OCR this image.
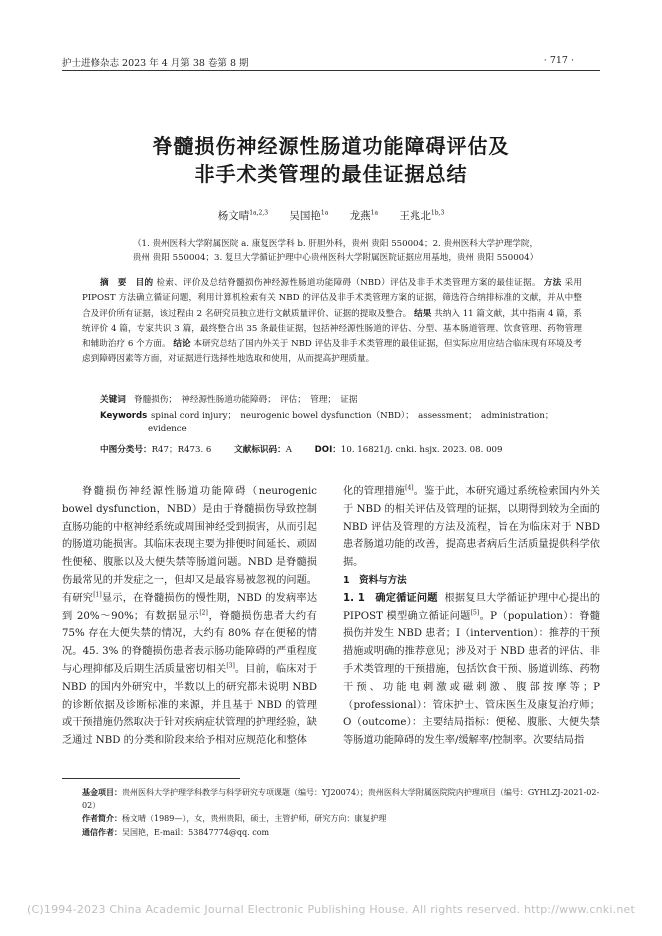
护士进修杂志 2023 年 4 月第 38 卷第 8 期	· 717 ·
脊髓损伤神经源性肠道功能障碍评估及
非手术类管理的最佳证据总结
杨文晴$^{1a,2,3}$ 吴国艳$^{1a}$ 龙燕$^{1a}$ 王兆北$^{1b,3}$
（1. 贵州医科大学附属医院 a. 康复医学科 b. 肝胆外科，贵州 贵阳 550004；2. 贵州医科大学护理学院，
贵州 贵阳 550004；3. 复旦大学循证护理中心贵州医科大学附属医院证据应用基地，贵州 贵阳 550004）
摘　要 目的 检索、评价及总结脊髓损伤神经源性肠道功能障碍（NBD）评估及非手术类管理方案的最佳证据。 方法 采用 PIPOST 方法确立循证问题，利用计算机检索有关 NBD 的评估及非手术类管理方案的证据，筛选符合纳排标准的文献，并从中整合及评价所有证据，该过程由 2 名研究员独立进行文献质量评价、证据的提取及整合。 结果 共纳入 11 篇文献，其中指南 4 篇，系统评价 4 篇，专家共识 3 篇，最终整合出 35 条最佳证据，包括神经源性肠道的评估、分型、基本肠道管理、饮食管理、药物管理和辅助治疗 6 个方面。 结论 本研究总结了国内外关于 NBD 评估及非手术类管理的最佳证据，但实际应用应结合临床现有环境及考虑到障碍因素等方面，对证据进行选择性地选取和使用，从而提高护理质量。
关键词 脊髓损伤；　神经源性肠道功能障碍；　评估；　管理；　证据
Keywords spinal cord injury；　neurogenic bowel dysfunction（NBD）；　assessment；　administration；
evidence
中图分类号：R47；R473. 6	文献标识码：A	DOI：10. 16821/j. cnki. hsjx. 2023. 08. 009

脊髓损伤神经源性肠道功能障碍（neurogenic bowel dysfunction，NBD）是由于脊髓损伤导致控制直肠功能的中枢神经系统或周围神经受到损害，从而引起的肠道功能损害。其临床表现主要为排便时间延长、顽固性便秘、腹胀以及大便失禁等肠道问题。NBD 是脊髓损伤最常见的并发症之一，但却又是最容易被忽视的问题。有研究[1]显示，在脊髓损伤的慢性期，NBD 的发病率达到 20%～90%；有数据显示[2]，脊髓损伤患者大约有 75% 存在大便失禁的情况，大约有 80% 存在便秘的情况。45. 3% 的脊髓损伤患者表示肠功能障碍的严重程度与心理抑郁及后期生活质量密切相关[3]。目前，临床对于 NBD 的国内外研究中，半数以上的研究都未说明 NBD 的诊断依据及诊断标准的来源，并且基于 NBD 的管理或干预措施仍然取决于针对疾病症状管理的护理经验，缺乏通过 NBD 的分类和阶段来给予相对应规范化和整体

化的管理措施[4]。鉴于此，本研究通过系统检索国内外关于 NBD 的相关评估及管理的证据，以期得到较为全面的 NBD 评估及管理的方法及流程，旨在为临床对于 NBD 患者肠道功能的改善，提高患者病后生活质量提供科学依据。

1　资料与方法

1. 1　确定循证问题 根据复旦大学循证护理中心提出的 PIPOST 模型确立循证问题[5]。P（population）：脊髓损伤并发生 NBD 患者；I（intervention）：推荐的干预措施或明确的推荐意见；涉及对于 NBD 患者的评估、非手术类管理的干预措施，包括饮食干预、肠道训练、药物干预、功能电刺激或磁刺激、腹部按摩等；P（professional）：管床护士、管床医生及康复治疗师；O（outcome）：主要结局指标：便秘、腹胀、大便失禁等肠道功能障碍的发生率/缓解率/控制率。次要结局指

基金项目：贵州医科大学护理学科教学与科学研究专项课题（编号：YJ20074）；贵州医科大学附属医院院内护理项目（编号：GYHLZJ-2021-02-02）
作者简介：杨文晴（1989—），女，贵州贵阳，硕士，主管护师，研究方向：康复护理
通信作者：吴国艳，E-mail：53847774@qq. com
(C)1994-2023 China Academic Journal Electronic Publishing House. All rights reserved. http://www.cnki.net
